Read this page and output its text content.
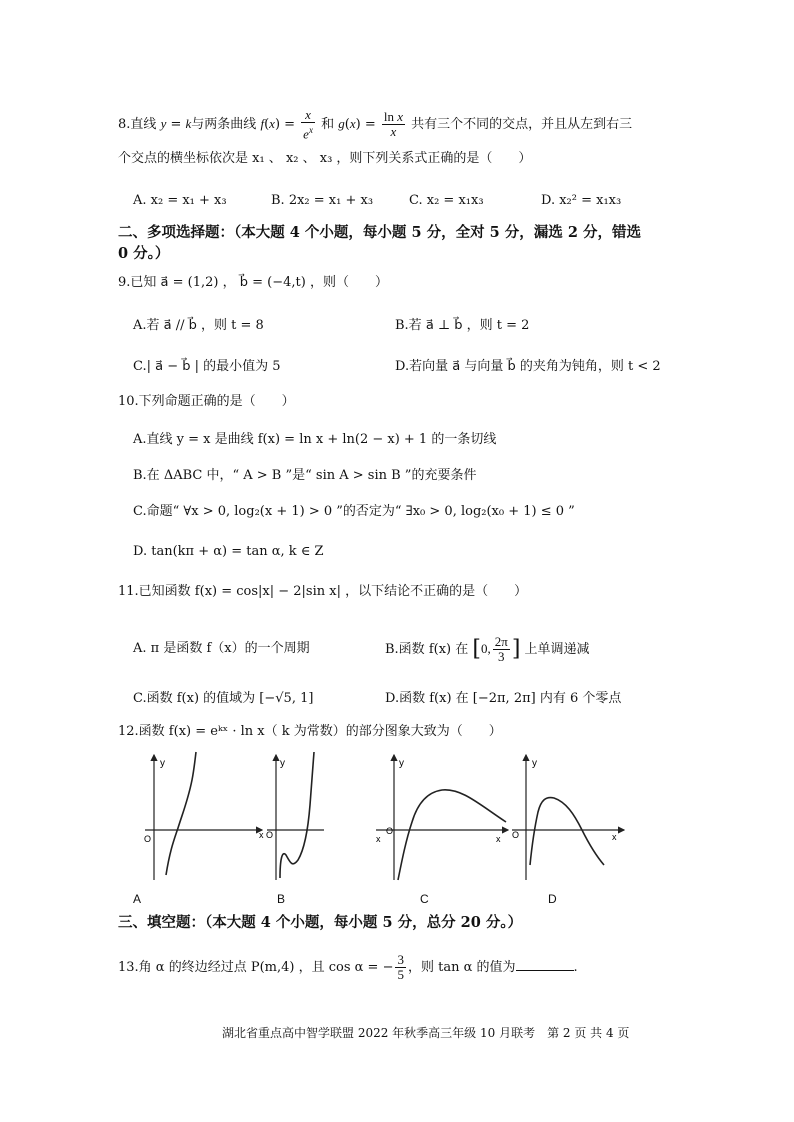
8.直线 y = k与两条曲线 $f(x) = \frac{x}{e^x}$ 和 $g(x) = \frac{\text{ln x}}{x}$ 共有三个不同的交点，并且从左到右三
个交点的横坐标依次是 x₁ 、 x₂ 、 x₃ ，则下列关系式正确的是（　　）
A. x₂ = x₁ + x₃	B. 2x₂ = x₁ + x₃	C. x₂ = x₁x₃	D. x₂² = x₁x₃
二、多项选择题：（本大题 4 个小题，每小题 5 分，全对 5 分，漏选 2 分，错选
0 分。）
9.已知 a⃗ = (1,2) ， b⃗ = (−4,t) ，则（　　）
A.若 a⃗ // b⃗ ，则 t = 8	B.若 a⃗ ⊥ b⃗ ，则 t = 2
C.| a⃗ − b⃗ | 的最小值为 5	D.若向量 a⃗ 与向量 b⃗ 的夹角为钝角，则 t < 2
10.下列命题正确的是（　　）
A.直线 y = x 是曲线 f(x) = ln x + ln(2 − x) + 1 的一条切线
B.在 ΔABC 中，“ A > B ”是“ sin A > sin B ”的充要条件
C.命题“ ∀x > 0, log₂(x + 1) > 0 ”的否定为“ ∃x₀ > 0, log₂(x₀ + 1) ≤ 0 ”
D. tan(kπ + α) = tan α, k ∈ Z
11.已知函数 f(x) = cos|x| − 2|sin x| ，以下结论不正确的是（　　）
A. π 是函数 f（x）的一个周期	B.函数 f(x) 在 [0, $\frac{2\pi}{3}$ ] 上单调递减
C.函数 f(x) 的值域为 [−√5, 1]	D.函数 f(x) 在 [−2π, 2π] 内有 6 个零点
12.函数 f(x) = eᵏˣ · ln x（ k 为常数）的部分图象大致为（　　）
y
O
A
y
x O
B
y
x
O
x
C
y
O	x
D
三、填空题：（本大题 4 个小题，每小题 5 分，总分 20 分。）
13.角 α 的终边经过点 P(m,4) ，且 cos α = − $\frac{3}{5}$ ，则 tan α 的值为	.
湖北省重点高中智学联盟 2022 年秋季高三年级 10 月联考　第 2 页 共 4 页
